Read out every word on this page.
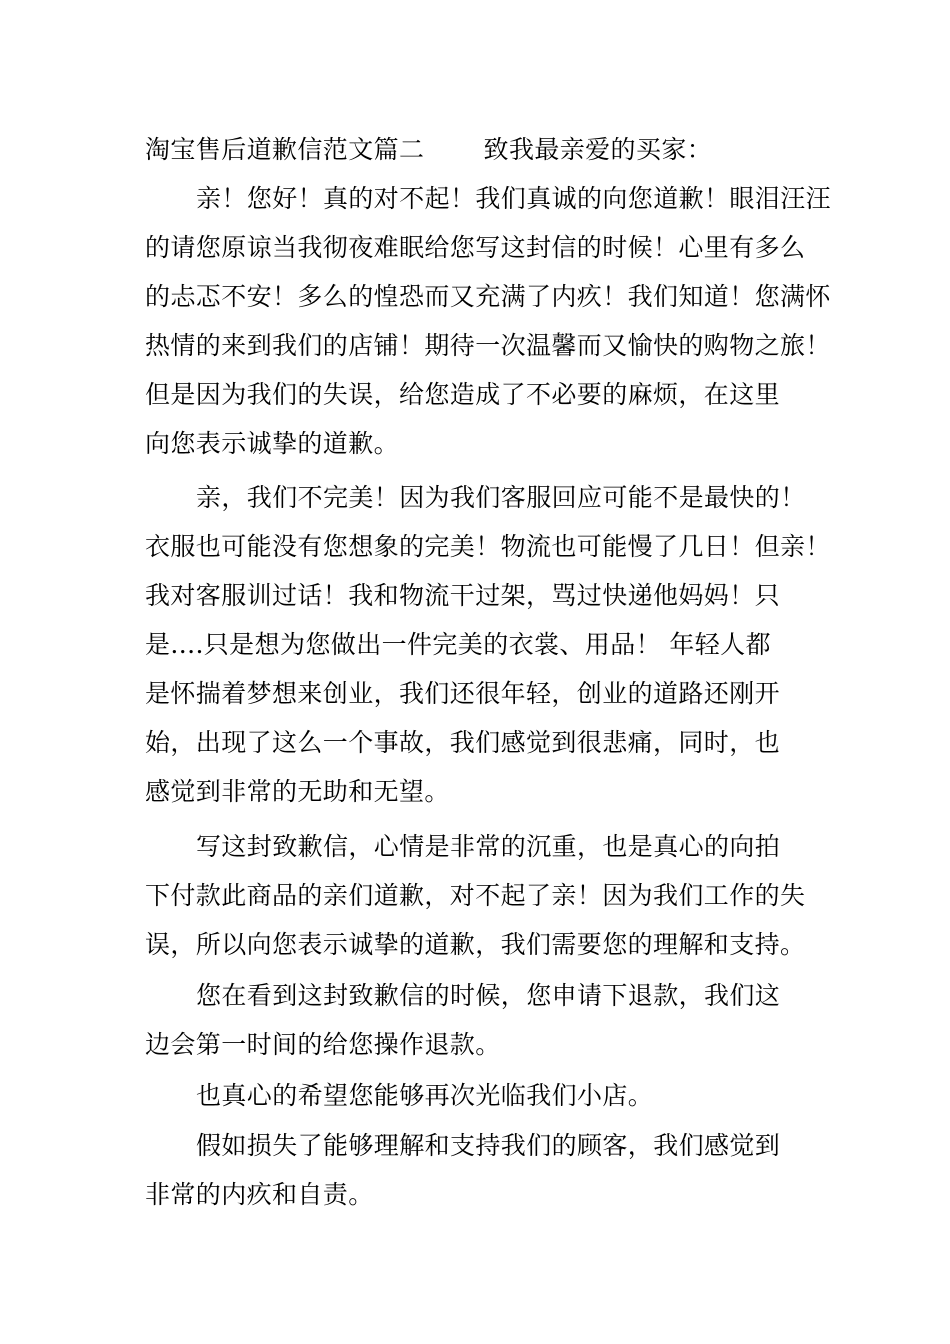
淘宝售后道歉信范文篇二 　　致我最亲爱的买家：
亲！您好！真的对不起！我们真诚的向您道歉！眼泪汪汪
的请您原谅当我彻夜难眠给您写这封信的时候！心里有多么
的忐忑不安！多么的惶恐而又充满了内疚！我们知道！您满怀
热情的来到我们的店铺！期待一次温馨而又愉快的购物之旅！
但是因为我们的失误，给您造成了不必要的麻烦，在这里
向您表示诚挚的道歉。
亲，我们不完美！因为我们客服回应可能不是最快的！
衣服也可能没有您想象的完美！物流也可能慢了几日！但亲！
我对客服训过话！我和物流干过架，骂过快递他妈妈！只
是....只是想为您做出一件完美的衣裳、用品！ 年轻人都
是怀揣着梦想来创业，我们还很年轻，创业的道路还刚开
始，出现了这么一个事故，我们感觉到很悲痛，同时，也
感觉到非常的无助和无望。
写这封致歉信，心情是非常的沉重，也是真心的向拍
下付款此商品的亲们道歉，对不起了亲！因为我们工作的失
误，所以向您表示诚挚的道歉，我们需要您的理解和支持。
您在看到这封致歉信的时候，您申请下退款，我们这
边会第一时间的给您操作退款。
也真心的希望您能够再次光临我们小店。
假如损失了能够理解和支持我们的顾客，我们感觉到
非常的内疚和自责。
